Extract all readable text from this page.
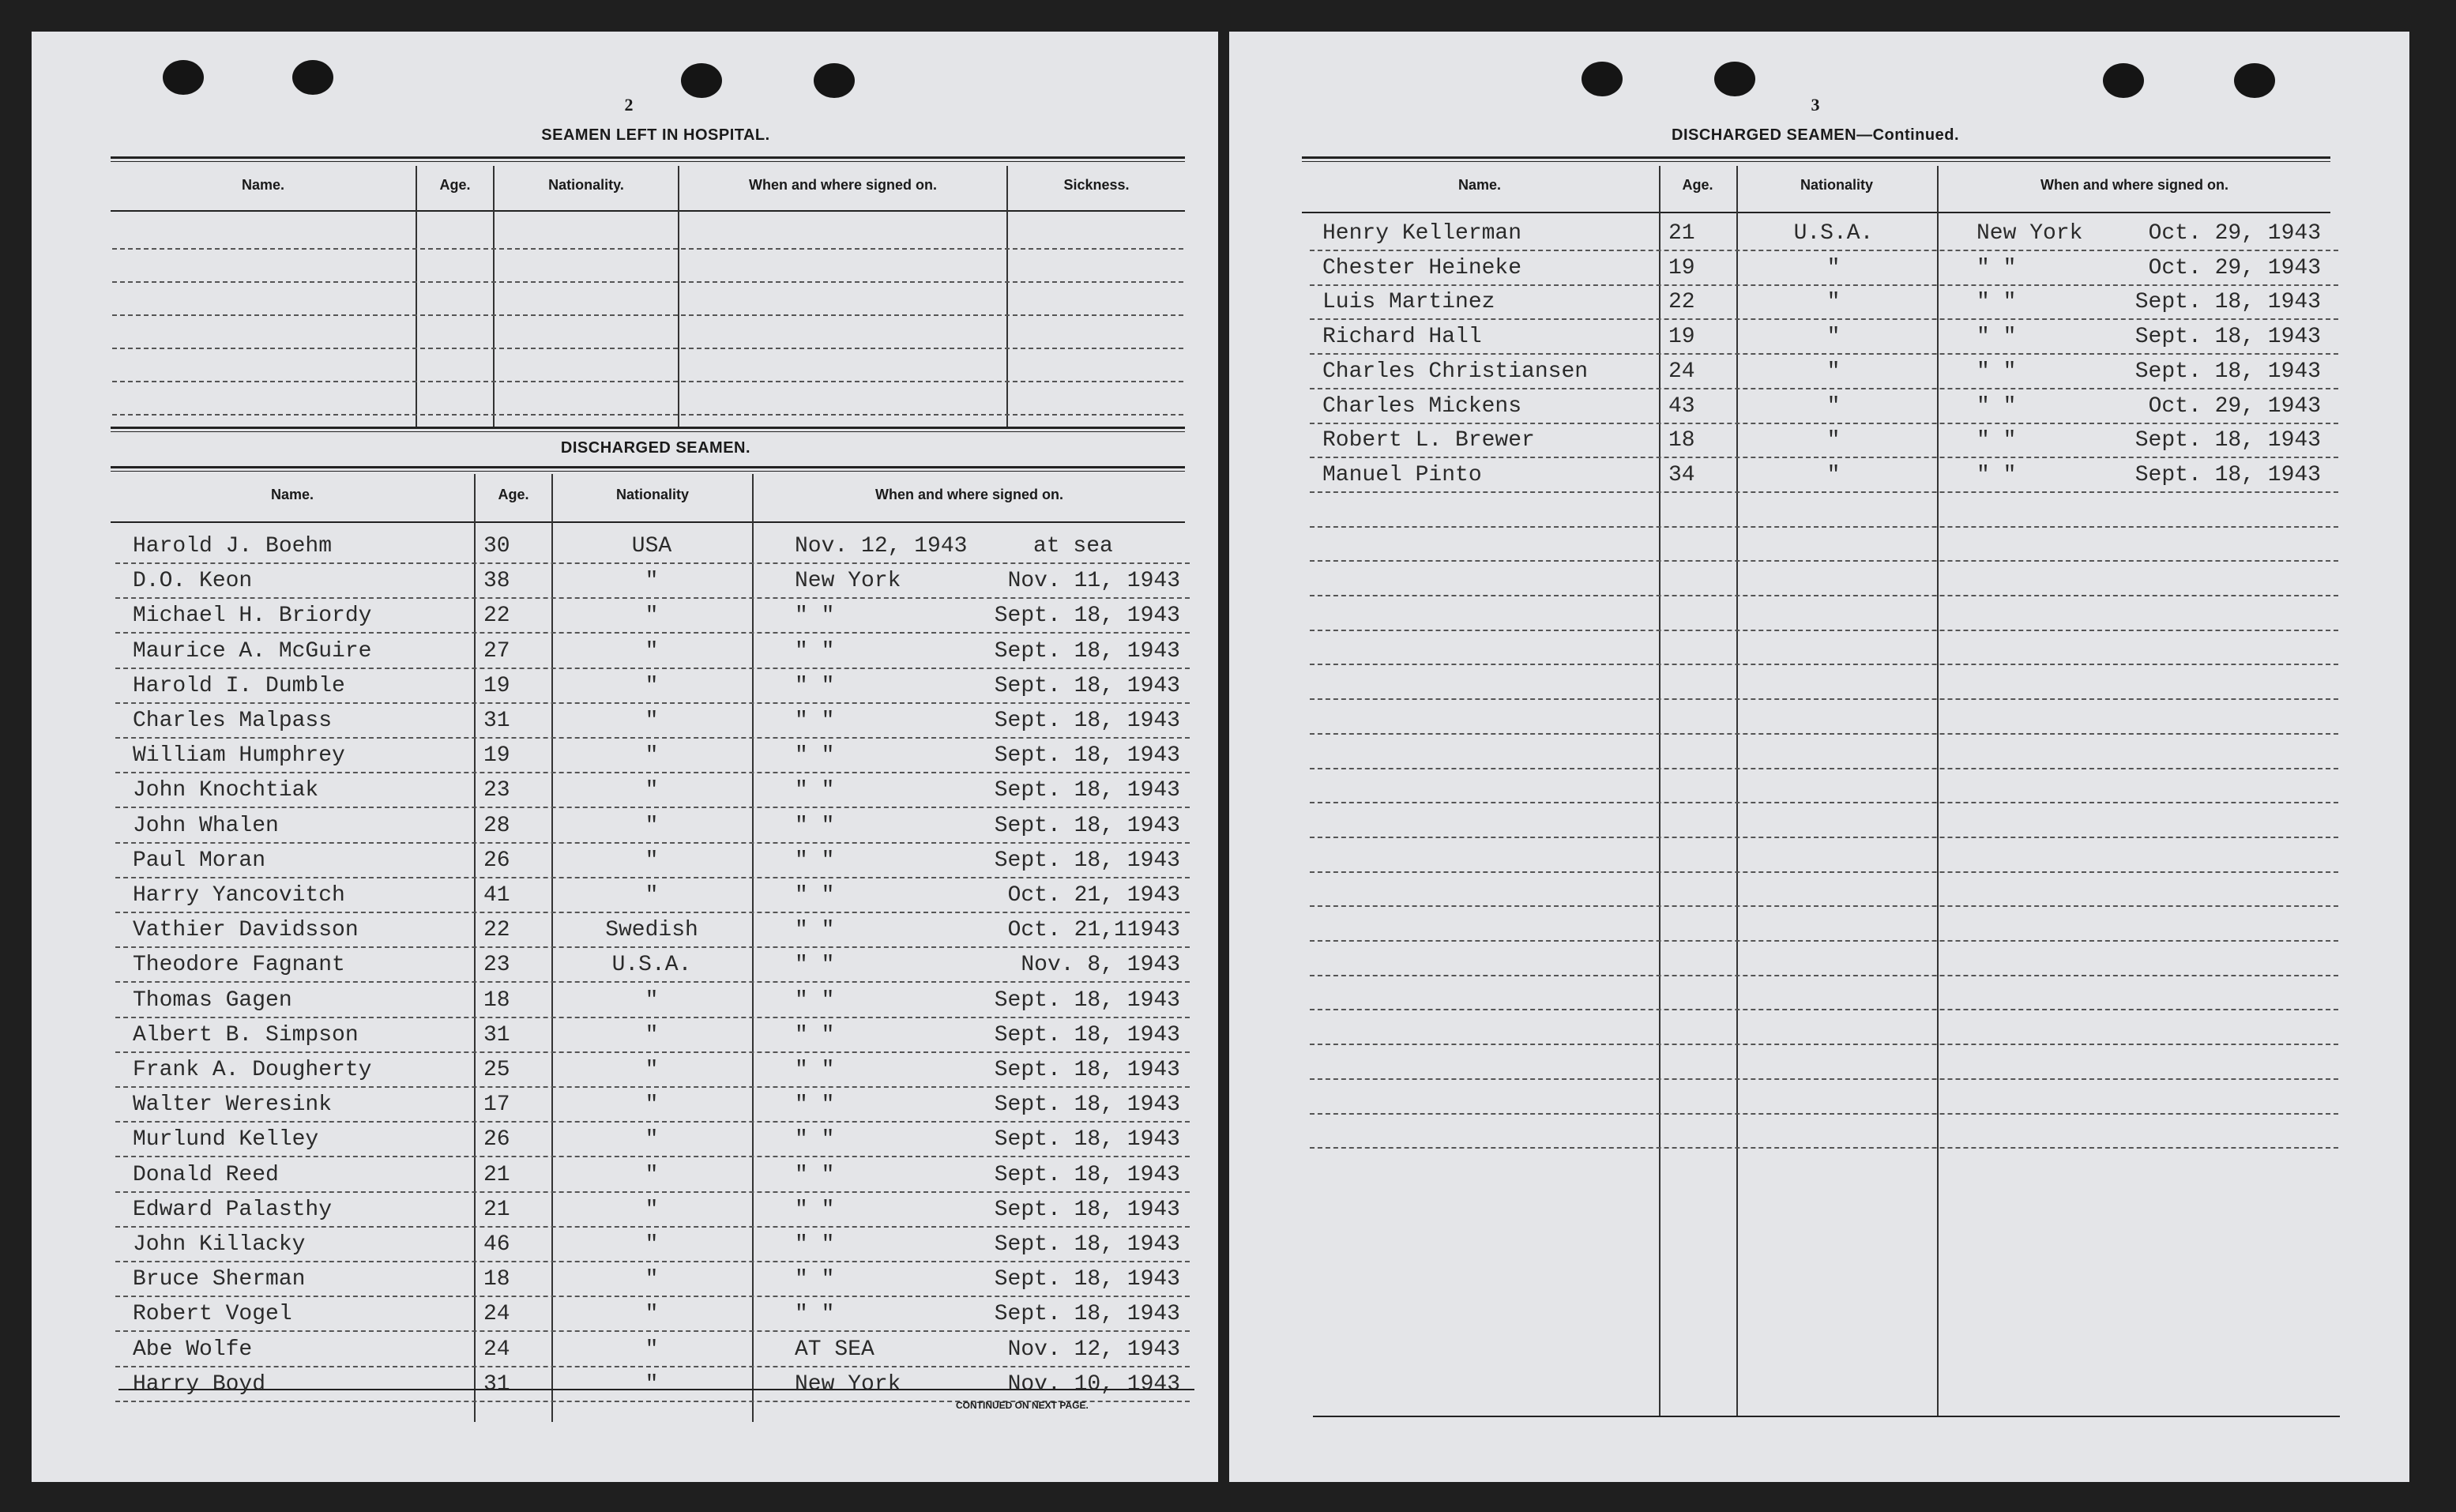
2
SEAMEN LEFT IN HOSPITAL.
Name.	Age.	Nationality.	When and where signed on.	Sickness.
DISCHARGED SEAMEN.
Name.	Age.	Nationality	When and where signed on.
Harold J. Boehm	30	USA	Nov. 12, 1943	at sea
D.O. Keon	38	"	New York	Nov. 11, 1943
Michael H. Briordy	22	"	" "	Sept. 18, 1943
Maurice A. McGuire	27	"	" "	Sept. 18, 1943
Harold I. Dumble	19	"	" "	Sept. 18, 1943
Charles Malpass	31	"	" "	Sept. 18, 1943
William Humphrey	19	"	" "	Sept. 18, 1943
John Knochtiak	23	"	" "	Sept. 18, 1943
John Whalen	28	"	" "	Sept. 18, 1943
Paul Moran	26	"	" "	Sept. 18, 1943
Harry Yancovitch	41	"	" "	Oct. 21, 1943
Vathier Davidsson	22	Swedish	" "	Oct. 21,11943
Theodore Fagnant	23	U.S.A.	" "	Nov. 8, 1943
Thomas Gagen	18	"	" "	Sept. 18, 1943
Albert B. Simpson	31	"	" "	Sept. 18, 1943
Frank A. Dougherty	25	"	" "	Sept. 18, 1943
Walter Weresink	17	"	" "	Sept. 18, 1943
Murlund Kelley	26	"	" "	Sept. 18, 1943
Donald Reed	21	"	" "	Sept. 18, 1943
Edward Palasthy	21	"	" "	Sept. 18, 1943
John Killacky	46	"	" "	Sept. 18, 1943
Bruce Sherman	18	"	" "	Sept. 18, 1943
Robert Vogel	24	"	" "	Sept. 18, 1943
Abe Wolfe	24	"	AT SEA	Nov. 12, 1943
Harry Boyd	31	"	New York	Nov. 10, 1943
CONTINUED ON NEXT PAGE.
3
DISCHARGED SEAMEN—Continued.
Name.	Age.	Nationality	When and where signed on.
Henry Kellerman	21	U.S.A.	New York	Oct. 29, 1943
Chester Heineke	19	"	" "	Oct. 29, 1943
Luis Martinez	22	"	" "	Sept. 18, 1943
Richard Hall	19	"	" "	Sept. 18, 1943
Charles Christiansen	24	"	" "	Sept. 18, 1943
Charles Mickens	43	"	" "	Oct. 29, 1943
Robert L. Brewer	18	"	" "	Sept. 18, 1943
Manuel Pinto	34	"	" "	Sept. 18, 1943
